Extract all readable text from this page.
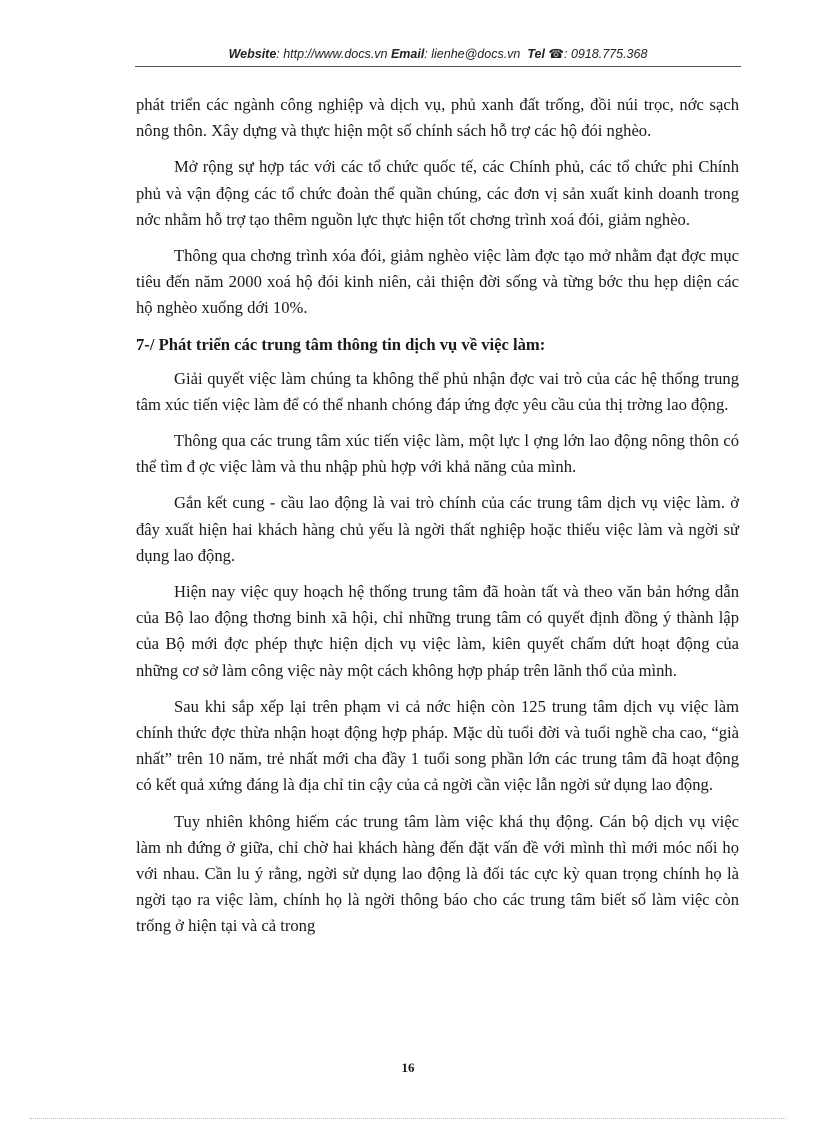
Website: http://www.docs.vn Email: lienhe@docs.vn Tel ☎: 0918.775.368

phát triển các ngành công nghiệp và dịch vụ, phủ xanh đất trống, đồi núi trọc, nớc sạch nông thôn. Xây dựng và thực hiện một số chính sách hỗ trợ các hộ đói nghèo.

Mở rộng sự hợp tác với các tổ chức quốc tế, các Chính phủ, các tổ chức phi Chính phủ và vận động các tổ chức đoàn thể quần chúng, các đơn vị sản xuất kinh doanh trong nớc nhằm hỗ trợ tạo thêm nguồn lực thực hiện tốt chơng trình xoá đói, giảm nghèo.

Thông qua chơng trình xóa đói, giảm nghèo việc làm đợc tạo mở nhằm đạt đợc mục tiêu đến năm 2000 xoá hộ đói kinh niên, cải thiện đời sống và từng bớc thu hẹp diện các hộ nghèo xuống dới 10%.

7-/ Phát triển các trung tâm thông tin dịch vụ về việc làm:

Giải quyết việc làm chúng ta không thể phủ nhận đợc vai trò của các hệ thống trung tâm xúc tiến việc làm để có thể nhanh chóng đáp ứng đợc yêu cầu của thị trờng lao động.

Thông qua các trung tâm xúc tiến việc làm, một lực l ợng lớn lao động nông thôn có thể tìm đ ợc việc làm và thu nhập phù hợp với khả năng của mình.

Gắn kết cung - cầu lao động là vai trò chính của các trung tâm dịch vụ việc làm. ở đây xuất hiện hai khách hàng chủ yếu là ngời thất nghiệp hoặc thiếu việc làm và ngời sử dụng lao động.

Hiện nay việc quy hoạch hệ thống trung tâm đã hoàn tất và theo văn bản hớng dẫn của Bộ lao động thơng binh xã hội, chỉ những trung tâm có quyết định đồng ý thành lập của Bộ mới đợc phép thực hiện dịch vụ việc làm, kiên quyết chấm dứt hoạt động của những cơ sở làm công việc này một cách không hợp pháp trên lãnh thổ của mình.

Sau khi sắp xếp lại trên phạm vi cả nớc hiện còn 125 trung tâm dịch vụ việc làm chính thức đợc thừa nhận hoạt động hợp pháp. Mặc dù tuổi đời và tuổi nghề cha cao, “già nhất” trên 10 năm, trẻ nhất mới cha đầy 1 tuổi song phần lớn các trung tâm đã hoạt động có kết quả xứng đáng là địa chỉ tin cậy của cả ngời cần việc lẫn ngời sử dụng lao động.

Tuy nhiên không hiếm các trung tâm làm việc khá thụ động. Cán bộ dịch vụ việc làm nh đứng ở giữa, chỉ chờ hai khách hàng đến đặt vấn đề với mình thì mới móc nối họ với nhau. Cần lu ý rằng, ngời sử dụng lao động là đối tác cực kỳ quan trọng chính họ là ngời tạo ra việc làm, chính họ là ngời thông báo cho các trung tâm biết số làm việc còn trống ở hiện tại và cả trong

16
